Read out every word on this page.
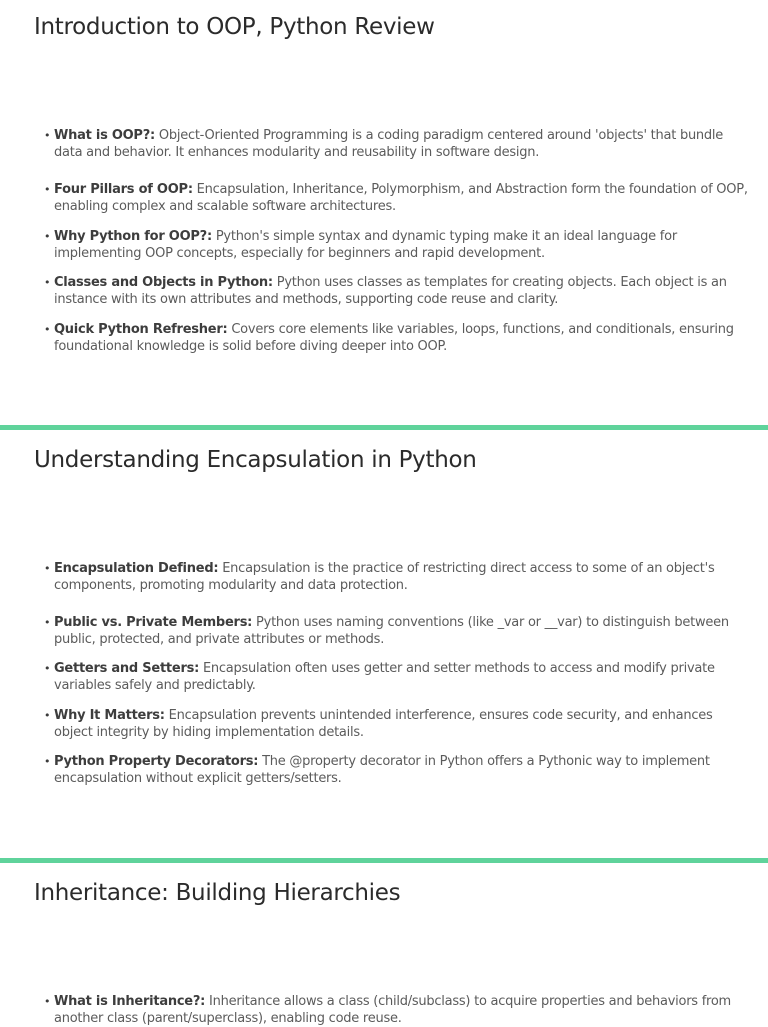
Introduction to OOP, Python Review

• What is OOP?: Object-Oriented Programming is a coding paradigm centered around 'objects' that bundle data and behavior. It enhances modularity and reusability in software design.

• Four Pillars of OOP: Encapsulation, Inheritance, Polymorphism, and Abstraction form the foundation of OOP, enabling complex and scalable software architectures.

• Why Python for OOP?: Python's simple syntax and dynamic typing make it an ideal language for implementing OOP concepts, especially for beginners and rapid development.

• Classes and Objects in Python: Python uses classes as templates for creating objects. Each object is an instance with its own attributes and methods, supporting code reuse and clarity.

• Quick Python Refresher: Covers core elements like variables, loops, functions, and conditionals, ensuring foundational knowledge is solid before diving deeper into OOP.

Understanding Encapsulation in Python

• Encapsulation Defined: Encapsulation is the practice of restricting direct access to some of an object's components, promoting modularity and data protection.

• Public vs. Private Members: Python uses naming conventions (like _var or __var) to distinguish between public, protected, and private attributes or methods.

• Getters and Setters: Encapsulation often uses getter and setter methods to access and modify private variables safely and predictably.

• Why It Matters: Encapsulation prevents unintended interference, ensures code security, and enhances object integrity by hiding implementation details.

• Python Property Decorators: The @property decorator in Python offers a Pythonic way to implement encapsulation without explicit getters/setters.

Inheritance: Building Hierarchies

• What is Inheritance?: Inheritance allows a class (child/subclass) to acquire properties and behaviors from another class (parent/superclass), enabling code reuse.
